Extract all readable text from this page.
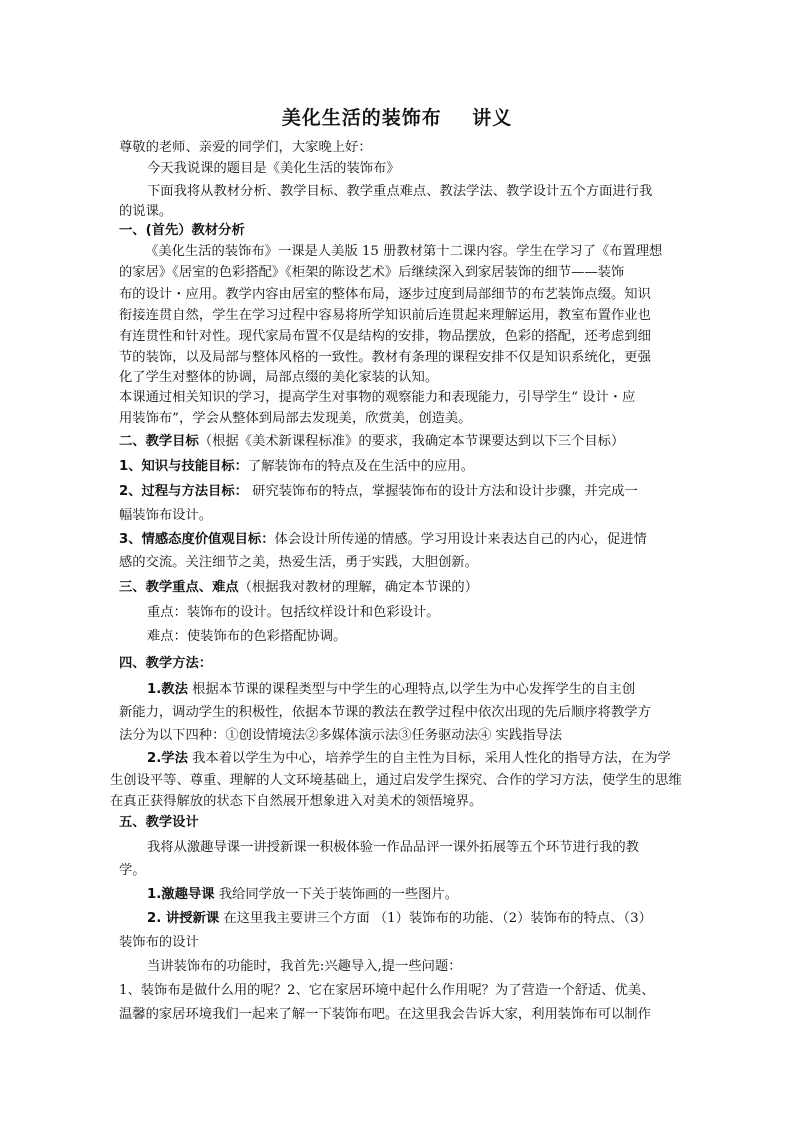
美化生活的装饰布    讲义
尊敬的老师、亲爱的同学们，大家晚上好：
今天我说课的题目是《美化生活的装饰布》
下面我将从教材分析、教学目标、教学重点难点、教法学法、教学设计五个方面进行我
的说课。
一、(首先）教材分析
《美化生活的装饰布》一课是人美版 15 册教材第十二课内容。学生在学习了《布置理想
的家居》《居室的色彩搭配》《柜架的陈设艺术》后继续深入到家居装饰的细节——装饰
布的设计・应用。教学内容由居室的整体布局，逐步过度到局部细节的布艺装饰点缀。知识
衔接连贯自然，学生在学习过程中容易将所学知识前后连贯起来理解运用，教室布置作业也
有连贯性和针对性。现代家局布置不仅是结构的安排，物品摆放，色彩的搭配，还考虑到细
节的装饰，以及局部与整体风格的一致性。教材有条理的课程安排不仅是知识系统化，更强
化了学生对整体的协调，局部点缀的美化家装的认知。
本课通过相关知识的学习，提高学生对事物的观察能力和表现能力，引导学生“ 设计・应
用装饰布”，学会从整体到局部去发现美，欣赏美，创造美。
二、教学目标（根据《美术新课程标准》的要求，我确定本节课要达到以下三个目标）
1、知识与技能目标：了解装饰布的特点及在生活中的应用。
2、过程与方法目标： 研究装饰布的特点，掌握装饰布的设计方法和设计步骤，并完成一
幅装饰布设计。
3、情感态度价值观目标：体会设计所传递的情感。学习用设计来表达自己的内心，促进情
感的交流。关注细节之美，热爱生活，勇于实践，大胆创新。
三、教学重点、难点（根据我对教材的理解，确定本节课的）
重点：装饰布的设计。包括纹样设计和色彩设计。
难点：使装饰布的色彩搭配协调。
四、教学方法：
1.教法 根据本节课的课程类型与中学生的心理特点,以学生为中心发挥学生的自主创
新能力，调动学生的积极性，依据本节课的教法在教学过程中依次出现的先后顺序将教学方
法分为以下四种：①创设情境法②多媒体演示法③任务驱动法④ 实践指导法
2.学法 我本着以学生为中心，培养学生的自主性为目标，采用人性化的指导方法，在为学
生创设平等、尊重、理解的人文环境基础上，通过启发学生探究、合作的学习方法，使学生的思维
在真正获得解放的状态下自然展开想象进入对美术的领悟境界。
五、教学设计
我将从激趣导课一讲授新课一积极体验一作品品评一课外拓展等五个环节进行我的教
学。
1.激趣导课 我给同学放一下关于装饰画的一些图片。
2. 讲授新课 在这里我主要讲三个方面 （1）装饰布的功能、（2）装饰布的特点、（3）
装饰布的设计
当讲装饰布的功能时，我首先:兴趣导入,提一些问题：
1、装饰布是做什么用的呢？2、它在家居环境中起什么作用呢？为了营造一个舒适、优美、
温馨的家居环境我们一起来了解一下装饰布吧。在这里我会告诉大家，利用装饰布可以制作
